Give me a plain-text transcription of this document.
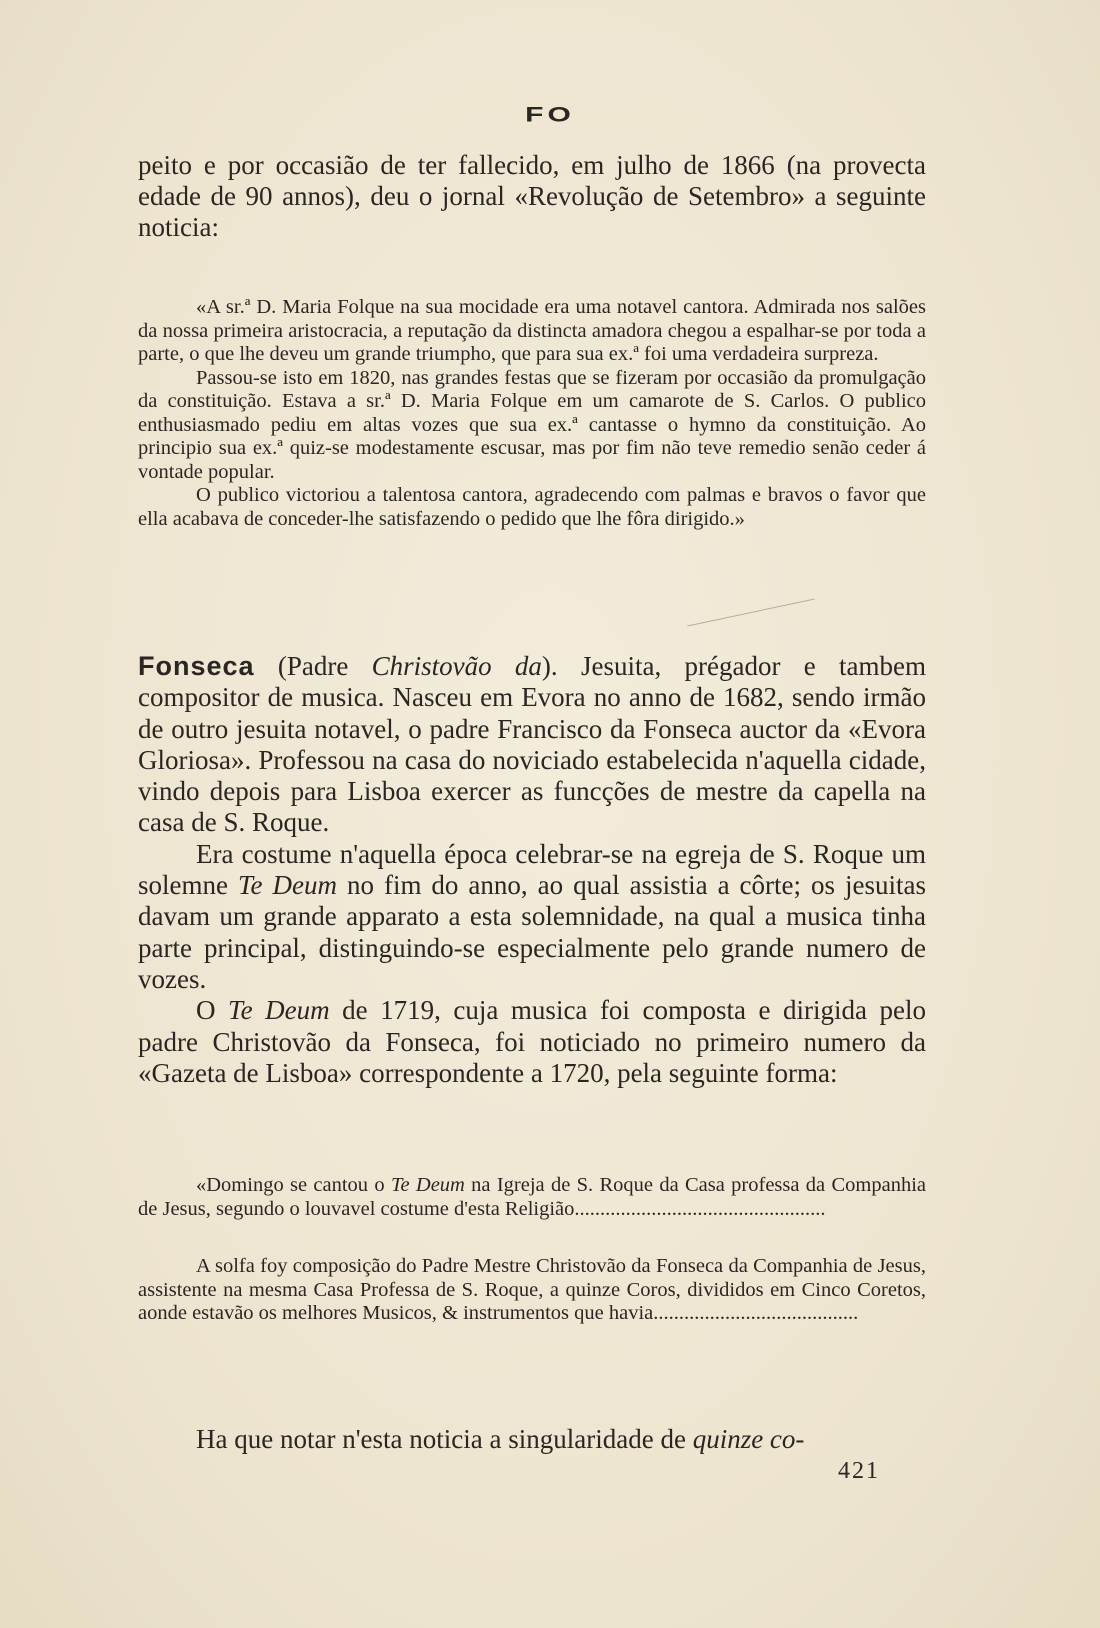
FO
peito e por occasião de ter fallecido, em julho de 1866 (na provecta edade de 90 annos), deu o jornal «Revolução de Setembro» a seguinte noticia:

«A sr.ª D. Maria Folque na sua mocidade era uma notavel cantora. Admirada nos salões da nossa primeira aristocracia, a reputação da distincta amadora chegou a espalhar-se por toda a parte, o que lhe deveu um grande triumpho, que para sua ex.ª foi uma verdadeira surpreza.

Passou-se isto em 1820, nas grandes festas que se fizeram por occasião da promulgação da constituição. Estava a sr.ª D. Maria Folque em um camarote de S. Carlos. O publico enthusiasmado pediu em altas vozes que sua ex.ª cantasse o hymno da constituição. Ao principio sua ex.ª quiz-se modestamente escusar, mas por fim não teve remedio senão ceder á vontade popular.

O publico victoriou a talentosa cantora, agradecendo com palmas e bravos o favor que ella acabava de conceder-lhe satisfazendo o pedido que lhe fôra dirigido.»

Fonseca (Padre Christovão da). Jesuita, prégador e tambem compositor de musica. Nasceu em Evora no anno de 1682, sendo irmão de outro jesuita notavel, o padre Francisco da Fonseca auctor da «Evora Gloriosa». Professou na casa do noviciado estabelecida n'aquella cidade, vindo depois para Lisboa exercer as funcções de mestre da capella na casa de S. Roque.

Era costume n'aquella época celebrar-se na egreja de S. Roque um solemne Te Deum no fim do anno, ao qual assistia a côrte; os jesuitas davam um grande apparato a esta solemnidade, na qual a musica tinha parte principal, distinguindo-se especialmente pelo grande numero de vozes.

O Te Deum de 1719, cuja musica foi composta e dirigida pelo padre Christovão da Fonseca, foi noticiado no primeiro numero da «Gazeta de Lisboa» correspondente a 1720, pela seguinte forma:

«Domingo se cantou o Te Deum na Igreja de S. Roque da Casa professa da Companhia de Jesus, segundo o louvavel costume d'esta Religião.................................................

A solfa foy composição do Padre Mestre Christovão da Fonseca da Companhia de Jesus, assistente na mesma Casa Professa de S. Roque, a quinze Coros, divididos em Cinco Coretos, aonde estavão os melhores Musicos, & instrumentos que havia........................................

Ha que notar n'esta noticia a singularidade de quinze co-
421
